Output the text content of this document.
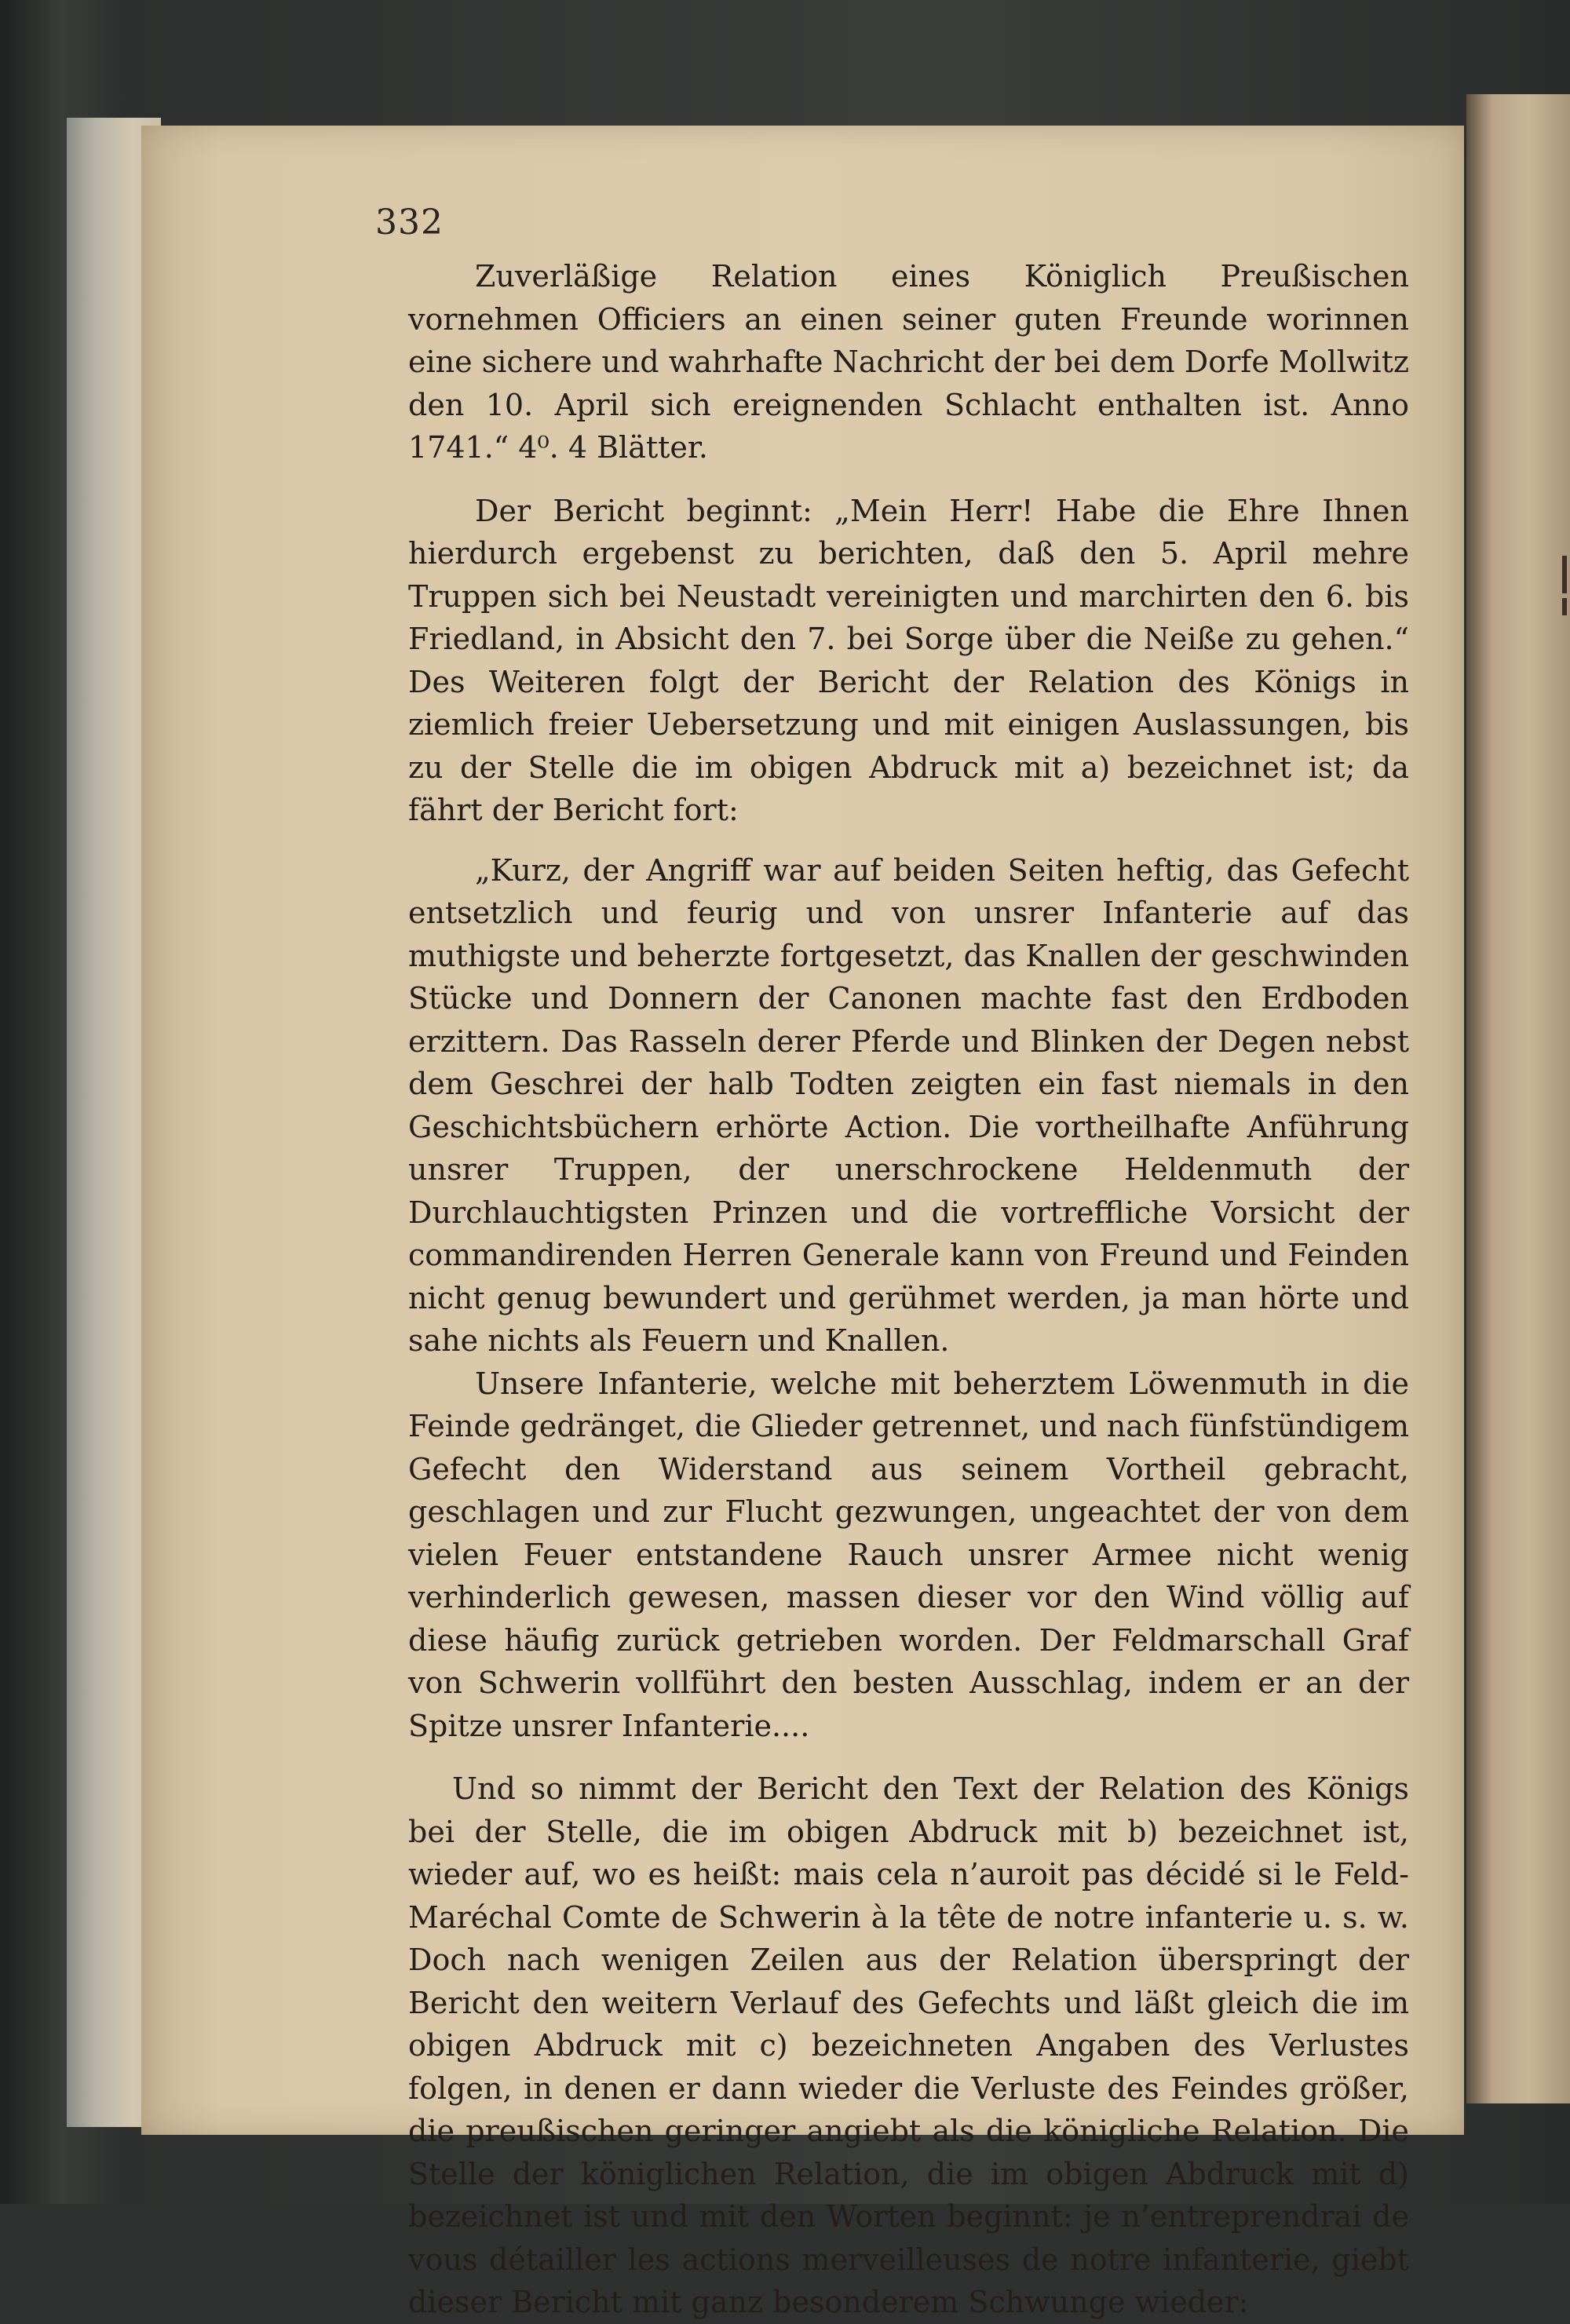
332

Zuverläßige Relation eines Königlich Preußischen vornehmen Officiers an einen seiner guten Freunde worinnen eine sichere und wahrhafte Nachricht der bei dem Dorfe Mollwitz den 10. April sich ereignenden Schlacht enthalten ist. Anno 1741.“ 4⁰. 4 Blätter.

Der Bericht beginnt: „Mein Herr! Habe die Ehre Ihnen hierdurch ergebenst zu berichten, daß den 5. April mehre Truppen sich bei Neustadt vereinigten und marchirten den 6. bis Friedland, in Absicht den 7. bei Sorge über die Neiße zu gehen.“ Des Weiteren folgt der Bericht der Relation des Königs in ziemlich freier Uebersetzung und mit einigen Auslassungen, bis zu der Stelle die im obigen Abdruck mit a) bezeichnet ist; da fährt der Bericht fort:

„Kurz, der Angriff war auf beiden Seiten heftig, das Gefecht entsetzlich und feurig und von unsrer Infanterie auf das muthigste und beherzte fortgesetzt, das Knallen der geschwinden Stücke und Donnern der Canonen machte fast den Erdboden erzittern. Das Rasseln derer Pferde und Blinken der Degen nebst dem Geschrei der halb Todten zeigten ein fast niemals in den Geschichtsbüchern erhörte Action. Die vortheilhafte Anführung unsrer Truppen, der unerschrockene Heldenmuth der Durchlauchtigsten Prinzen und die vortreffliche Vorsicht der commandirenden Herren Generale kann von Freund und Feinden nicht genug bewundert und gerühmet werden, ja man hörte und sahe nichts als Feuern und Knallen.

Unsere Infanterie, welche mit beherztem Löwenmuth in die Feinde gedränget, die Glieder getrennet, und nach fünfstündigem Gefecht den Widerstand aus seinem Vortheil gebracht, geschlagen und zur Flucht gezwungen, ungeachtet der von dem vielen Feuer entstandene Rauch unsrer Armee nicht wenig verhinderlich gewesen, massen dieser vor den Wind völlig auf diese häufig zurück getrieben worden. Der Feldmarschall Graf von Schwerin vollführt den besten Ausschlag, indem er an der Spitze unsrer Infanterie....

Und so nimmt der Bericht den Text der Relation des Königs bei der Stelle, die im obigen Abdruck mit b) bezeichnet ist, wieder auf, wo es heißt: mais cela n’auroit pas décidé si le Feld-Maréchal Comte de Schwerin à la tête de notre infanterie u. s. w. Doch nach wenigen Zeilen aus der Relation überspringt der Bericht den weitern Verlauf des Gefechts und läßt gleich die im obigen Abdruck mit c) bezeichneten Angaben des Verlustes folgen, in denen er dann wieder die Verluste des Feindes größer, die preußischen geringer angiebt als die königliche Relation. Die Stelle der königlichen Relation, die im obigen Abdruck mit d) bezeichnet ist und mit den Worten beginnt: je n’entreprendrai de vous détailler les actions merveilleuses de notre infanterie, giebt dieser Bericht mit ganz besonderem Schwunge wieder:
